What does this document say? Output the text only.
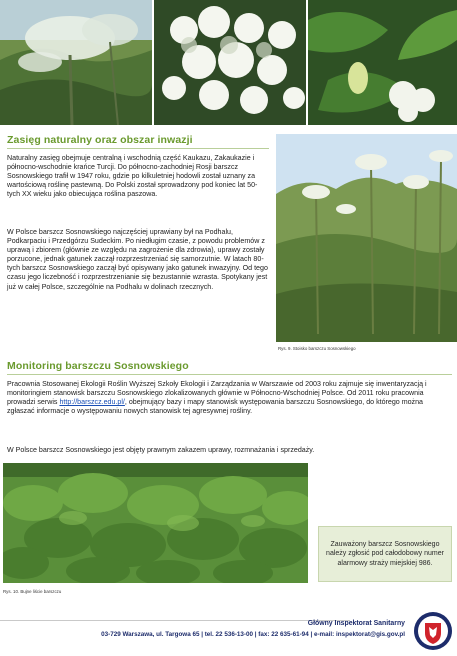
Zasięg naturalny oraz obszar inwazji

Naturalny zasięg obejmuje centralną i wschodnią część Kaukazu, Zakaukazie i północno-wschodnie krańce Turcji. Do północno-zachodniej Rosji barszcz Sosnowskiego trafił w 1947 roku, gdzie po kilkuletniej hodowli został uznany za wartościową roślinę pastewną. Do Polski został sprowadzony pod koniec lat 50-tych XX wieku jako obiecująca roślina paszowa.

W Polsce barszcz Sosnowskiego najczęściej uprawiany był na Podhalu, Podkarpaciu i Przedgórzu Sudeckim. Po niedługim czasie, z powodu problemów z uprawą i zbiorem (głównie ze względu na zagrożenie dla zdrowia), uprawy zostały porzucone, jednak gatunek zaczął rozprzestrzeniać się samorzutnie. W latach 80-tych barszcz Sosnowskiego zaczął być opisywany jako gatunek inwazyjny. Od tego czasu jego liczebność i rozprzestrzenianie się bezustannie wzrasta. Spotykany jest już w całej Polsce, szczególnie na Podhalu w dolinach rzecznych.

Rys. 9. Stoisko barszczu Sosnowskiego
Monitoring barszczu Sosnowskiego

Pracownia Stosowanej Ekologii Roślin Wyższej Szkoły Ekologii i Zarządzania w Warszawie od 2003 roku zajmuje się inwentaryzacją i monitoringiem stanowisk barszczu Sosnowskiego zlokalizowanych głównie w Północno-Wschodniej Polsce. Od 2011 roku pracownia prowadzi serwis http://barszcz.edu.pl/, obejmujący bazy i mapy stanowisk występowania barszczu Sosnowskiego, do którego można zgłaszać informacje o występowaniu nowych stanowisk tej agresywnej rośliny.

W Polsce barszcz Sosnowskiego jest objęty prawnym zakazem uprawy, rozmnażania i sprzedaży.

Rys. 10. Bujne liście barszczu
Zauważony barszcz Sosnowskiego należy zgłosić pod całodobowy numer alarmowy straży miejskiej 986.
Główny Inspektorat Sanitarny
03-729 Warszawa, ul. Targowa 65 | tel. 22 536-13-00 | fax: 22 635-61-94 | e-mail: inspektorat@gis.gov.pl
